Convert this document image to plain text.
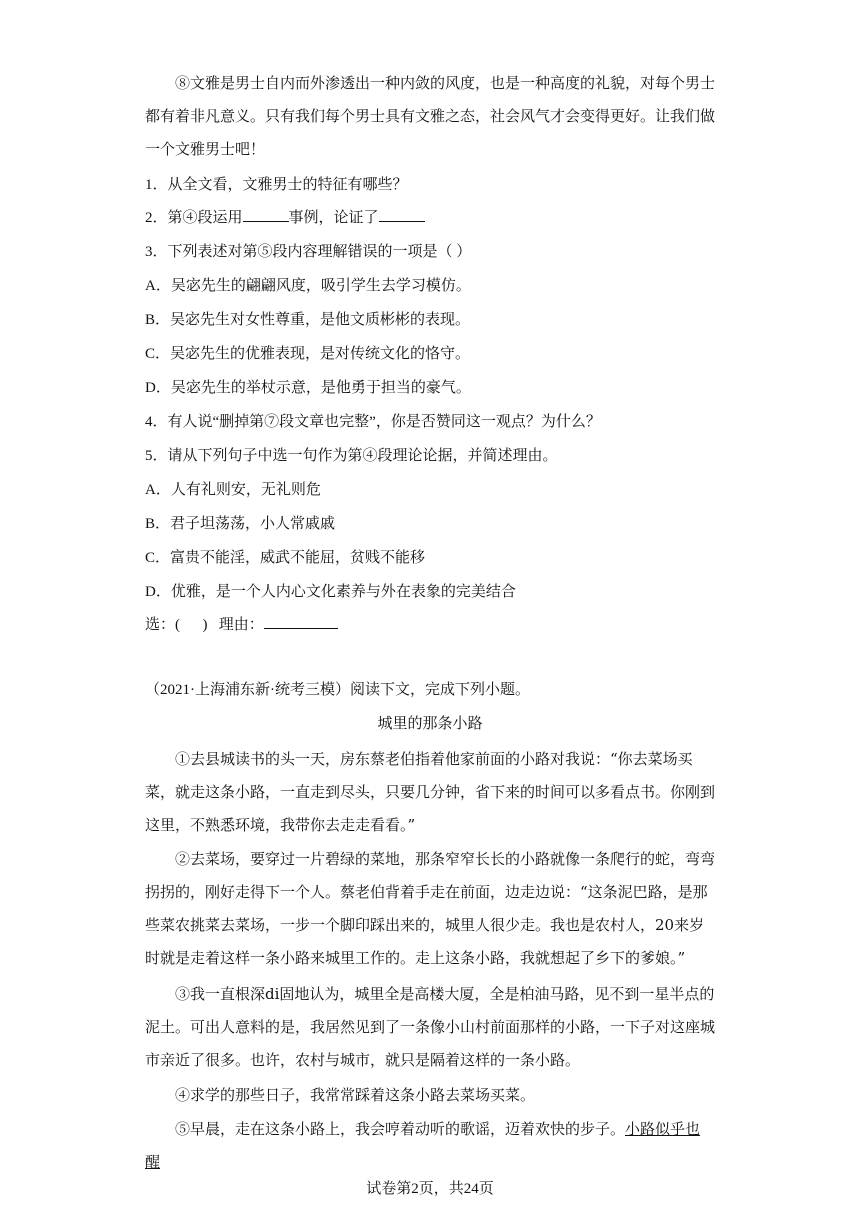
⑧文雅是男士自内而外渗透出一种内敛的风度，也是一种高度的礼貌，对每个男士都有着非凡意义。只有我们每个男士具有文雅之态，社会风气才会变得更好。让我们做一个文雅男士吧！

1．从全文看，文雅男士的特征有哪些？

2．第④段运用	事例，论证了

3．下列表述对第⑤段内容理解错误的一项是（ ）

A．吴宓先生的翩翩风度，吸引学生去学习模仿。

B．吴宓先生对女性尊重，是他文质彬彬的表现。

C．吴宓先生的优雅表现，是对传统文化的恪守。

D．吴宓先生的举杖示意，是他勇于担当的豪气。

4．有人说“删掉第⑦段文章也完整”，你是否赞同这一观点？为什么？

5．请从下列句子中选一句作为第④段理论论据，并简述理由。

A．人有礼则安，无礼则危

B．君子坦荡荡，小人常戚戚

C．富贵不能淫，威武不能屈，贫贱不能移

D．优雅，是一个人内心文化素养与外在表象的完美结合

选：(      )   理由：

（2021·上海浦东新·统考三模）阅读下文，完成下列小题。

城里的那条小路

①去县城读书的头一天，房东蔡老伯指着他家前面的小路对我说：“你去菜场买菜，就走这条小路，一直走到尽头，只要几分钟，省下来的时间可以多看点书。你刚到这里，不熟悉环境，我带你去走走看看。”

②去菜场，要穿过一片碧绿的菜地，那条窄窄长长的小路就像一条爬行的蛇，弯弯拐拐的，刚好走得下一个人。蔡老伯背着手走在前面，边走边说：“这条泥巴路，是那些菜农挑菜去菜场，一步一个脚印踩出来的，城里人很少走。我也是农村人，20来岁时就是走着这样一条小路来城里工作的。走上这条小路，我就想起了乡下的爹娘。”

③我一直根深di固地认为，城里全是高楼大厦，全是柏油马路，见不到一星半点的泥土。可出人意料的是，我居然见到了一条像小山村前面那样的小路，一下子对这座城市亲近了很多。也许，农村与城市，就只是隔着这样的一条小路。

④求学的那些日子，我常常踩着这条小路去菜场买菜。

⑤早晨，走在这条小路上，我会哼着动听的歌谣，迈着欢快的步子。小路似乎也醒

试卷第2页，共24页
